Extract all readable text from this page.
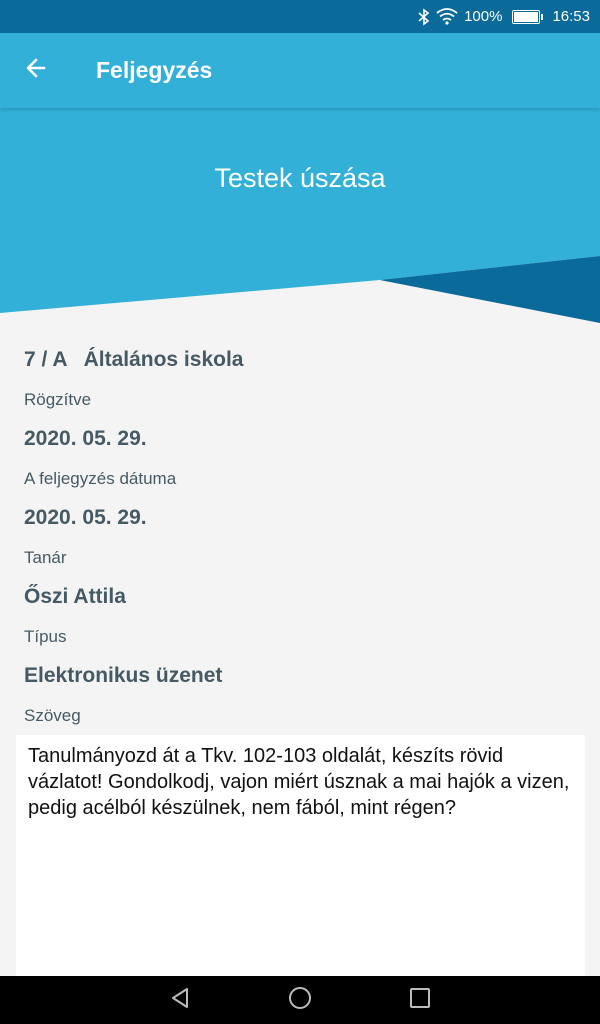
100%	16:53
Feljegyzés
Testek úszása
7 / A Általános iskola
Rögzítve
2020. 05. 29.
A feljegyzés dátuma
2020. 05. 29.
Tanár
Őszi Attila
Típus
Elektronikus üzenet
Szöveg
Tanulmányozd át a Tkv. 102-103 oldalát, készíts rövid vázlatot! Gondolkodj, vajon miért úsznak a mai hajók a vizen, pedig acélból készülnek, nem fából, mint régen?
